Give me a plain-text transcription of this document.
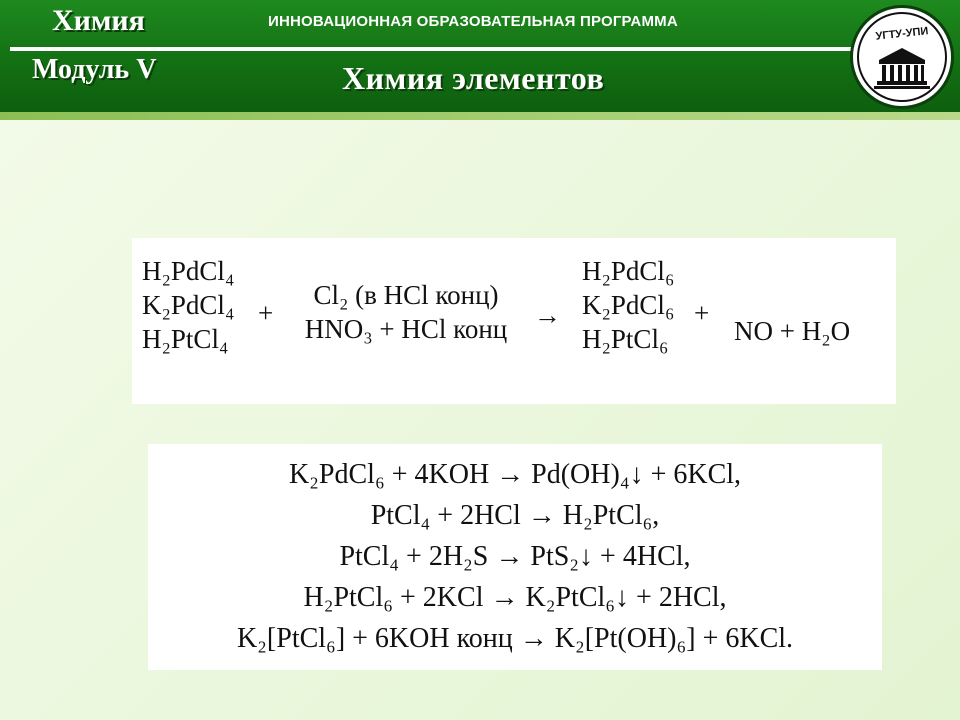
Химия	ИННОВАЦИОННАЯ ОБРАЗОВАТЕЛЬНАЯ ПРОГРАММА

Модуль V	Химия элементов

УГТУ-УПИ
H₂PdCl₄
K₂PdCl₄
H₂PtCl₄
+
Cl₂ (в HCl конц)
HNO₃ + HCl конц →
H₂PdCl₆
K₂PdCl₆
H₂PtCl₆
+
NO + H₂O
K₂PdCl₆ + 4KOH → Pd(OH)₄↓ + 6KCl,
PtCl₄ + 2HCl → H₂PtCl₆,
PtCl₄ + 2H₂S → PtS₂↓ + 4HCl,
H₂PtCl₆ + 2KCl → K₂PtCl₆↓ + 2HCl,
K₂[PtCl₆] + 6KOH конц → K₂[Pt(OH)₆] + 6KCl.
